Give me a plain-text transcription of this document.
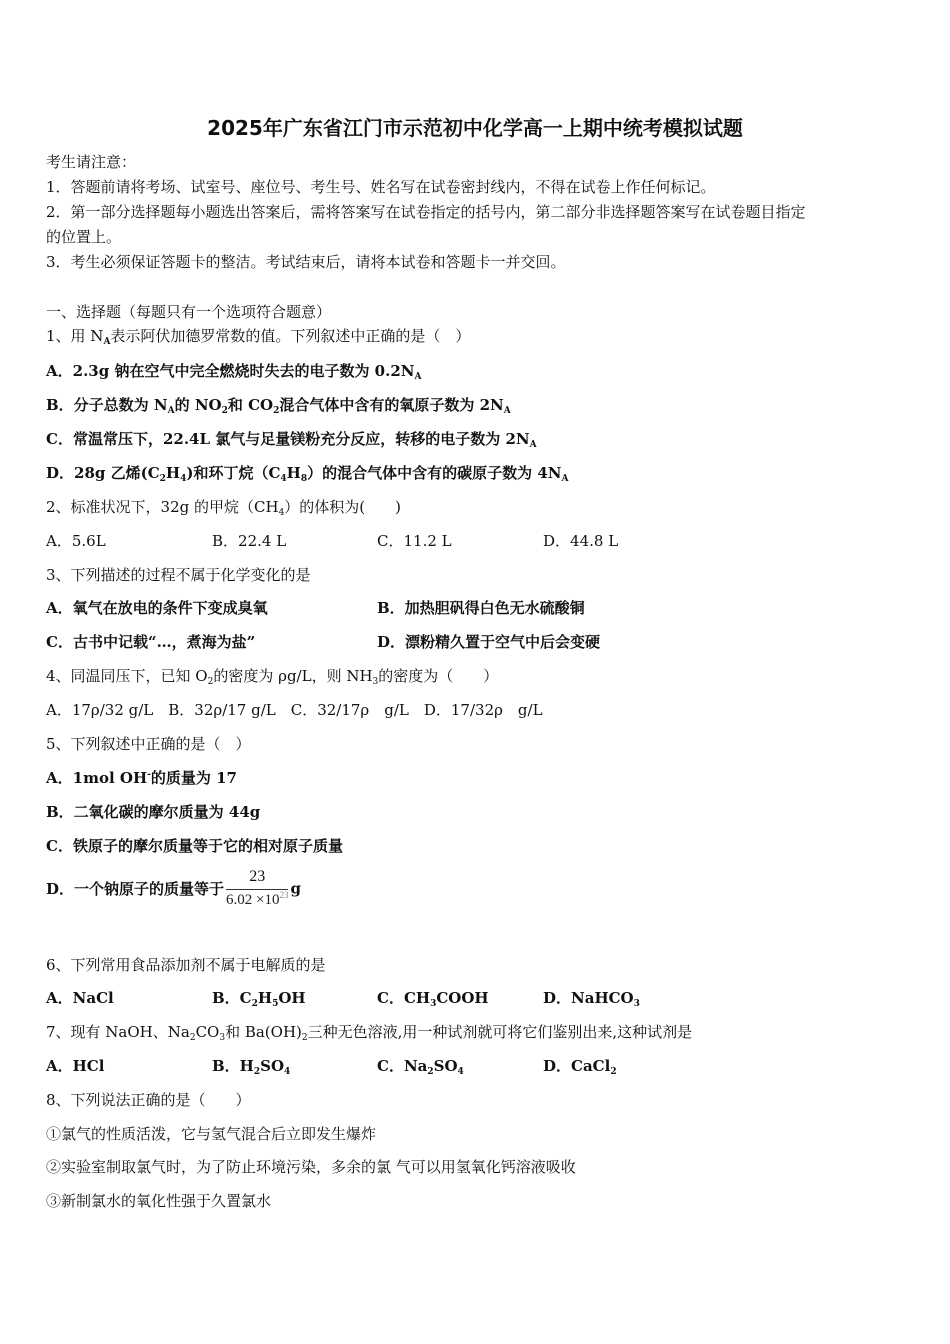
2025年广东省江门市示范初中化学高一上期中统考模拟试题
考生请注意：
1．答题前请将考场、试室号、座位号、考生号、姓名写在试卷密封线内，不得在试卷上作任何标记。
2．第一部分选择题每小题选出答案后，需将答案写在试卷指定的括号内，第二部分非选择题答案写在试卷题目指定
的位置上。
3．考生必须保证答题卡的整洁。考试结束后，请将本试卷和答题卡一并交回。
一、选择题（每题只有一个选项符合题意）
1、用 $N_A$表示阿伏加德罗常数的值。下列叙述中正确的是（　）
A．2.3g 钠在空气中完全燃烧时失去的电子数为 $0.2N_A$
B．分子总数为 $N_A$的 $NO_2$和 $CO_2$混合气体中含有的氧原子数为 $2N_A$
C．常温常压下，22.4L 氯气与足量镁粉充分反应，转移的电子数为 $2N_A$
D．28g 乙烯$(C_2H_4)$和环丁烷$(C_4H_8)$的混合气体中含有的碳原子数为 $4N_A$
2、标准状况下，32g 的甲烷$(CH_4)$的体积为(　　)
A．5.6L	B．22.4 L	C．11.2 L	D．44.8 L
3、下列描述的过程不属于化学变化的是
A．氧气在放电的条件下变成臭氧	B．加热胆矾得白色无水硫酸铜
C．古书中记载“…，煮海为盐”	D．漂粉精久置于空气中后会变硬
4、同温同压下，已知 $O_2$的密度为 ρg/L，则 $NH_3$的密度为（　　）
A．17ρ/32 g/L　B．32ρ/17 g/L　C．32/17ρ　g/L　D．17/32ρ　g/L
5、下列叙述中正确的是（　）
A．1mol OH-的质量为 17
B．二氧化碳的摩尔质量为 44g
C．铁原子的摩尔质量等于它的相对原子质量
D．一个钠原子的质量等于 $\frac{23}{6.02 \times 10^{23}}$ g
6、下列常用食品添加剂不属于电解质的是
A．NaCl	B．$C_2H_5OH$	C．$CH_3COOH$	D．NaHCO$_3$
7、现有 NaOH、$Na_2CO_3$和 $Ba(OH)_2$三种无色溶液,用一种试剂就可将它们鉴别出来,这种试剂是
A．HCl	B．$H_2SO_4$	C．$Na_2SO_4$	D．CaCl$_2$
8、下列说法正确的是（　　）
①氯气的性质活泼，它与氢气混合后立即发生爆炸
②实验室制取氯气时，为了防止环境污染，多余的氯 气可以用氢氧化钙溶液吸收
③新制氯水的氧化性强于久置氯水
